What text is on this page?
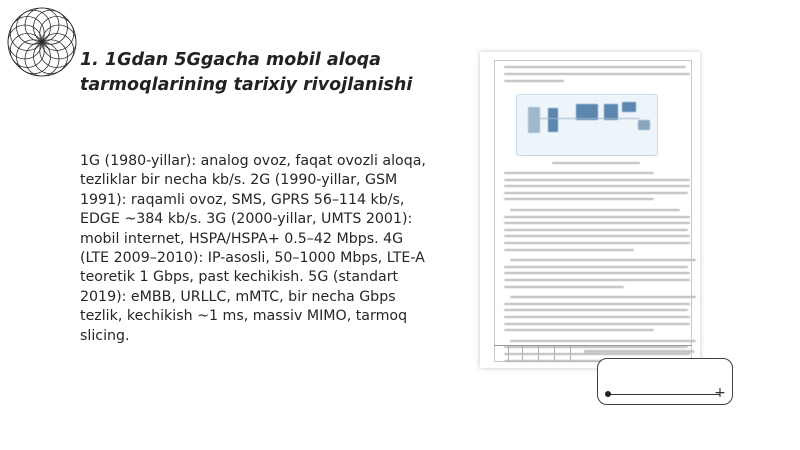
1. 1Gdan 5Ggacha mobil aloqa
tarmoqlarining tarixiy rivojlanishi

1G (1980-yillar): analog ovoz, faqat ovozli aloqa, tezliklar bir necha kb/s. 2G (1990-yillar, GSM 1991): raqamli ovoz, SMS, GPRS 56–114 kb/s, EDGE ~384 kb/s. 3G (2000-yillar, UMTS 2001): mobil internet, HSPA/HSPA+ 0.5–42 Mbps. 4G (LTE 2009–2010): IP-asosli, 50–1000 Mbps, LTE-A teoretik 1 Gbps, past kechikish. 5G (standart 2019): eMBB, URLLC, mMTC, bir necha Gbps tezlik, kechikish ~1 ms, massiv MIMO, tarmoq slicing.

+
